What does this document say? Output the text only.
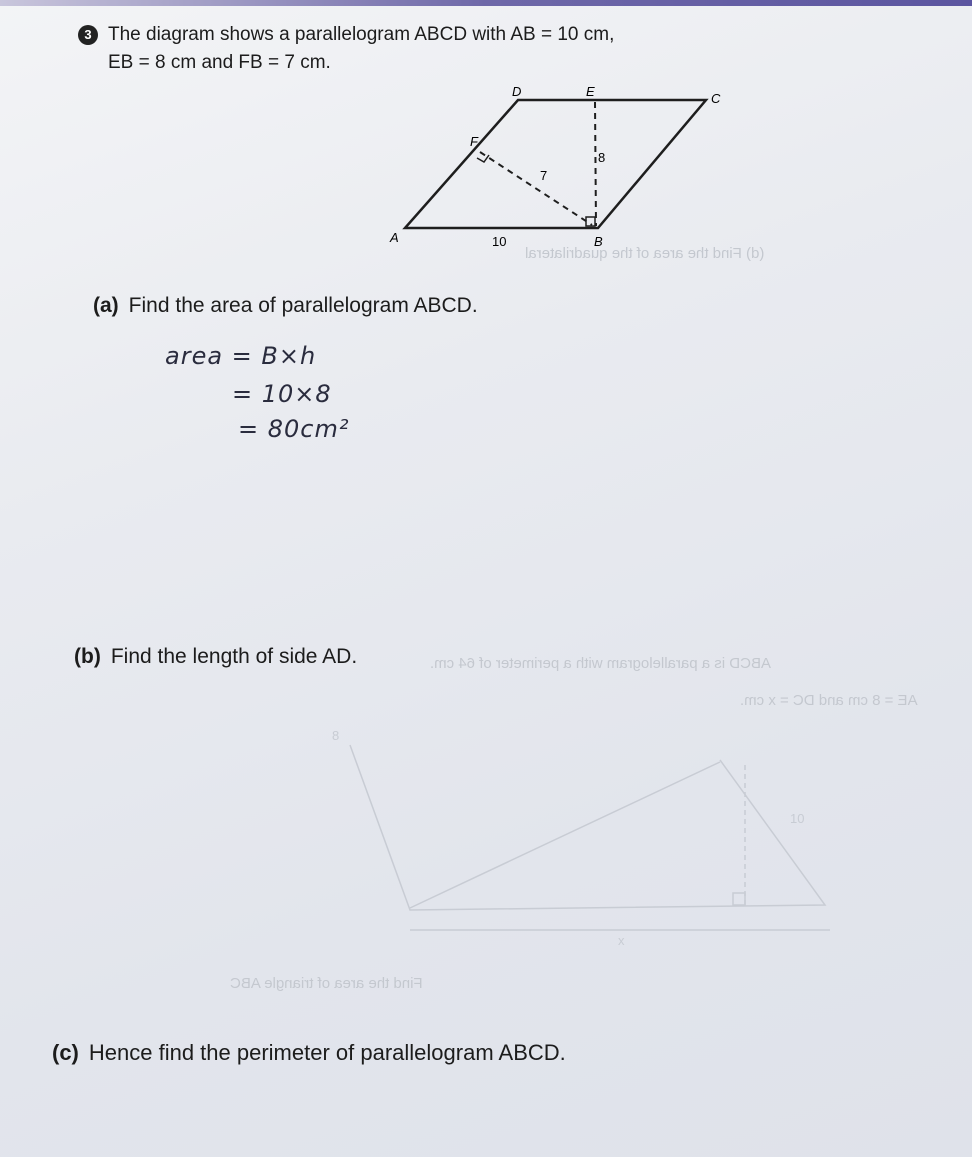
x
10
8
ABCD is a parallelogram with a perimeter of 64 cm.
AE = 8 cm and DC = x cm.
(d) Find the area of the quadrilateral
Find the area of triangle ABC
3 The diagram shows a parallelogram ABCD with AB = 10 cm,
EB = 8 cm and FB = 7 cm.
A	B
C
D	E
F
10
8
7
(a) Find the area of parallelogram ABCD.
area = B×h
= 10×8
= 80cm²
(b) Find the length of side AD.
(c) Hence find the perimeter of parallelogram ABCD.
